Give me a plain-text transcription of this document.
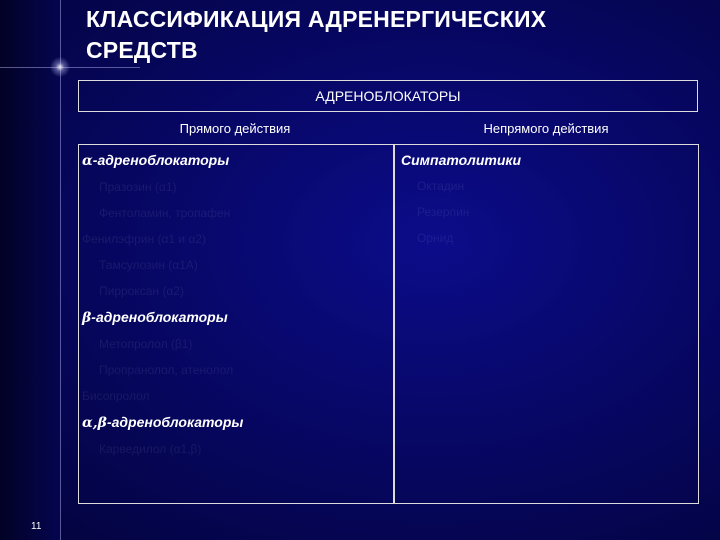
КЛАССИФИКАЦИЯ АДРЕНЕРГИЧЕСКИХ
СРЕДСТВ
АДРЕНОБЛОКАТОРЫ
Прямого действия	Непрямого действия
α-адреноблокаторы
Празозин (α1)
Фентоламин, тропафен
Фенилэфрин (α1 и α2)
Тамсулозин (α1A)
Пирроксан (α2)
β-адреноблокаторы
Метопролол (β1)
Пропранолол, атенолол
Бисопролол
α,β-адреноблокаторы
Карведилол (α1,β)
Симпатолитики
Октадин
Резерпин
Орнид
11
